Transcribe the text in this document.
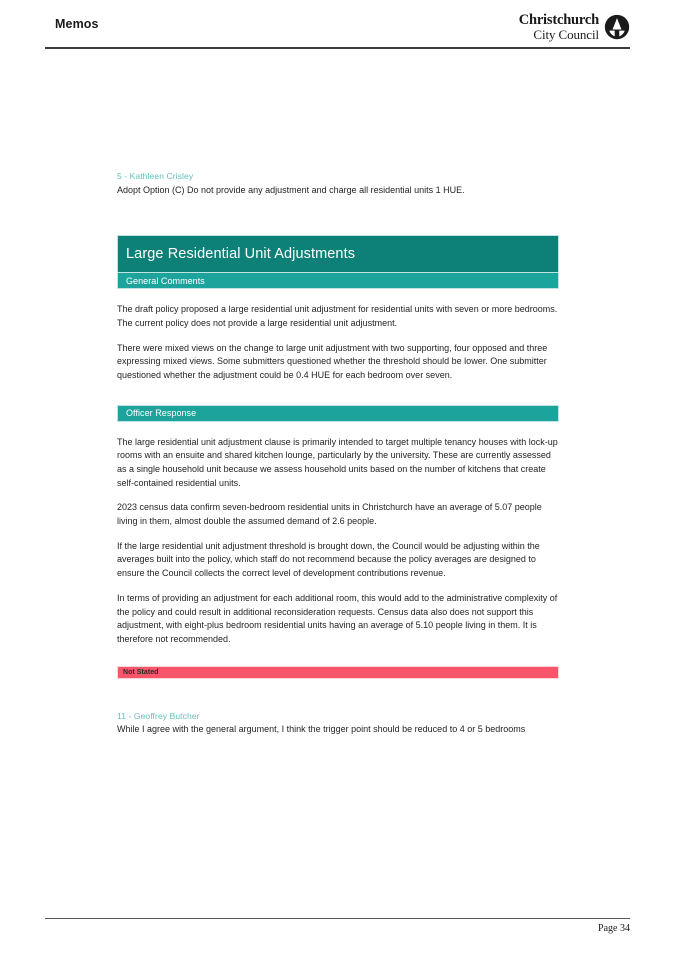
Memos	Christchurch
City Council
5 - Kathleen Crisley

Adopt Option (C) Do not provide any adjustment and charge all residential units 1 HUE.

Large Residential Unit Adjustments
General Comments

The draft policy proposed a large residential unit adjustment for residential units with seven or more bedrooms. The current policy does not provide a large residential unit adjustment.

There were mixed views on the change to large unit adjustment with two supporting, four opposed and three expressing mixed views. Some submitters questioned whether the threshold should be lower. One submitter questioned whether the adjustment could be 0.4 HUE for each bedroom over seven.

Officer Response

The large residential unit adjustment clause is primarily intended to target multiple tenancy houses with lock-up rooms with an ensuite and shared kitchen lounge, particularly by the university. These are currently assessed as a single household unit because we assess household units based on the number of kitchens that create self-contained residential units.

2023 census data confirm seven-bedroom residential units in Christchurch have an average of 5.07 people living in them, almost double the assumed demand of 2.6 people.

If the large residential unit adjustment threshold is brought down, the Council would be adjusting within the averages built into the policy, which staff do not recommend because the policy averages are designed to ensure the Council collects the correct level of development contributions revenue.

In terms of providing an adjustment for each additional room, this would add to the administrative complexity of the policy and could result in additional reconsideration requests. Census data also does not support this adjustment, with eight-plus bedroom residential units having an average of 5.10 people living in them. It is therefore not recommended.

Not Stated
11 - Geoffrey Butcher

While I agree with the general argument, I think the trigger point should be reduced to 4 or 5 bedrooms

Page 34
